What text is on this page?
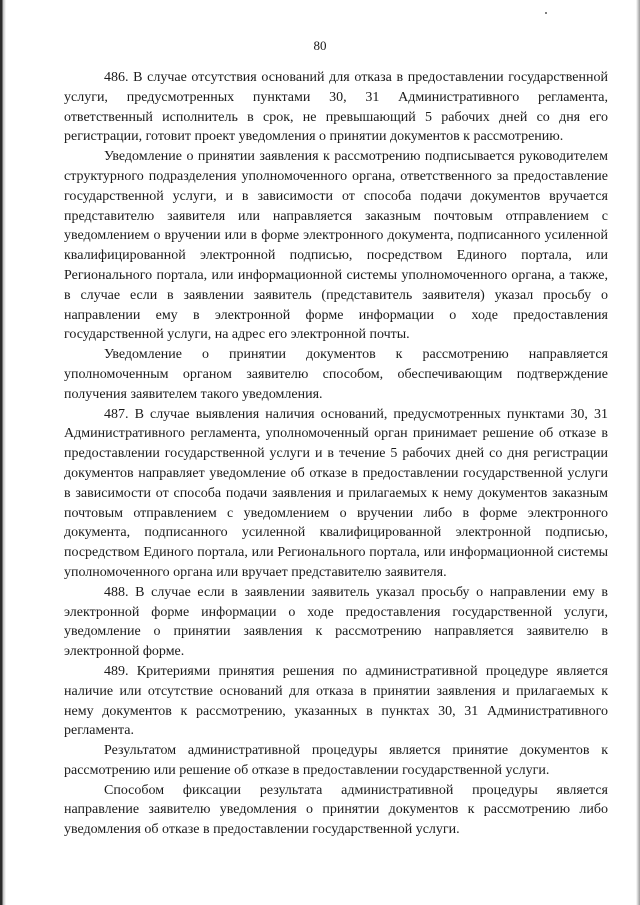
80

486. В случае отсутствия оснований для отказа в предоставлении государственной услуги, предусмотренных пунктами 30, 31 Административного регламента, ответственный исполнитель в срок, не превышающий 5 рабочих дней со дня его регистрации, готовит проект уведомления о принятии документов к рассмотрению.

Уведомление о принятии заявления к рассмотрению подписывается руководителем структурного подразделения уполномоченного органа, ответственного за предоставление государственной услуги, и в зависимости от способа подачи документов вручается представителю заявителя или направляется заказным почтовым отправлением с уведомлением о вручении или в форме электронного документа, подписанного усиленной квалифицированной электронной подписью, посредством Единого портала, или Регионального портала, или информационной системы уполномоченного органа, а также, в случае если в заявлении заявитель (представитель заявителя) указал просьбу о направлении ему в электронной форме информации о ходе предоставления государственной услуги, на адрес его электронной почты.

Уведомление о принятии документов к рассмотрению направляется уполномоченным органом заявителю способом, обеспечивающим подтверждение получения заявителем такого уведомления.

487. В случае выявления наличия оснований, предусмотренных пунктами 30, 31 Административного регламента, уполномоченный орган принимает решение об отказе в предоставлении государственной услуги и в течение 5 рабочих дней со дня регистрации документов направляет уведомление об отказе в предоставлении государственной услуги в зависимости от способа подачи заявления и прилагаемых к нему документов заказным почтовым отправлением с уведомлением о вручении либо в форме электронного документа, подписанного усиленной квалифицированной электронной подписью, посредством Единого портала, или Регионального портала, или информационной системы уполномоченного органа или вручает представителю заявителя.

488. В случае если в заявлении заявитель указал просьбу о направлении ему в электронной форме информации о ходе предоставления государственной услуги, уведомление о принятии заявления к рассмотрению направляется заявителю в электронной форме.

489. Критериями принятия решения по административной процедуре является наличие или отсутствие оснований для отказа в принятии заявления и прилагаемых к нему документов к рассмотрению, указанных в пунктах 30, 31 Административного регламента.

Результатом административной процедуры является принятие документов к рассмотрению или решение об отказе в предоставлении государственной услуги.

Способом фиксации результата административной процедуры является направление заявителю уведомления о принятии документов к рассмотрению либо уведомления об отказе в предоставлении государственной услуги.
